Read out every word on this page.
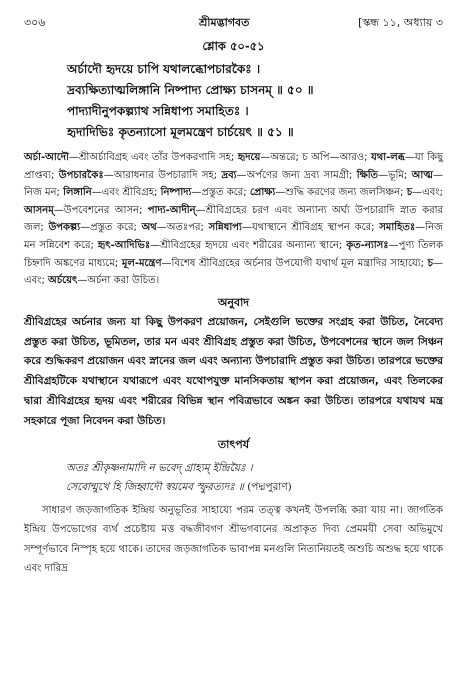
৩০৬	শ্রীমদ্ভাগবত	[স্কন্ধ ১১, অধ্যায় ৩
শ্লোক ৫০-৫১
অর্চাদৌ হৃদয়ে চাপি যথালব্ধোপচারকৈঃ ।
দ্রব্যক্ষিত্যাত্মলিঙ্গানি নিষ্পাদ্য প্রোক্ষ্য চাসনম্ ॥ ৫০ ॥
পাদ্যাদীনুপকল্প্যাথ সন্নিধাপ্য সমাহিতঃ ।
হৃদাদিভিঃ কৃতন্যাসো মূলমন্ত্রেণ চার্চয়েৎ ॥ ৫১ ॥
অর্চা-আদৌ—শ্রীঅর্চাবিগ্রহ এবং তাঁর উপকরণাদি সহ; হৃদয়ে—অন্তরে; চ অপি—আরও; যথা-লব্ধ—যা কিছু প্রাপ্তব্য; উপচারকৈঃ—আরাধনার উপচারাদি সহ; দ্রব্য—অর্পণের জন্য দ্রব্য সামগ্রী; ক্ষিতি—ভূমি; আত্ম—নিজ মন; লিঙ্গানি—এবং শ্রীবিগ্রহ; নিষ্পাদ্য—প্রস্তুত করে; প্রোক্ষ্য—শুদ্ধি করণের জন্য জলসিঞ্চন; চ—এবং; আসনম্—উপবেশনের আসন; পাদ্য-আদীন্—শ্রীবিগ্রহের চরণ এবং অন্যান্য অর্ঘ্য উপচারাদি স্নাত করার জল; উপকল্প্য—প্রস্তুত করে; অথ—অতঃপর; সন্নিধাপ্য—যথাস্থানে শ্রীবিগ্রহ স্থাপন করে; সমাহিতঃ—নিজ মন সন্নিবেশ করে; হৃৎ-আদিভিঃ—শ্রীবিগ্রহের হৃদয়ে এবং শরীরের অন্যান্য স্থানে; কৃত-ন্যাসঃ—পুণ্য তিলক চিহ্নাদি অঙ্কণের মাধ্যমে; মূল-মন্ত্রেণ—বিশেষ শ্রীবিগ্রহের অর্চনার উপযোগী যথার্থ মূল মন্ত্রাদির সাহায্যে; চ—এবং; অর্চয়েৎ—অর্চনা করা উচিত।
অনুবাদ
শ্রীবিগ্রহের অর্চনার জন্য যা কিছু উপকরণ প্রয়োজন, সেইগুলি ভক্তের সংগ্রহ করা উচিত, নৈবেদ্য প্রস্তুত করা উচিত, ভূমিতল, তার মন এবং শ্রীবিগ্রহ প্রস্তুত করা উচিত, উপবেশনের স্থানে জল সিঞ্চন করে শুদ্ধিকরণ প্রয়োজন এবং স্নানের জল এবং অন্যান্য উপচারাদি প্রস্তুত করা উচিত। তারপরে ভক্তের শ্রীবিগ্রহটিকে যথাস্থানে যথারূপে এবং যথোপযুক্ত মানসিকতায় স্থাপন করা প্রয়োজন, এবং তিলকের দ্বারা শ্রীবিগ্রহের হৃদয় এবং শরীরের বিভিন্ন স্থান পবিত্রভাবে অঙ্কন করা উচিত। তারপরে যথাযথ মন্ত্র সহকারে পূজা নিবেদন করা উচিত।
তাৎপর্য
অতঃ শ্রীকৃষ্ণনামাদি ন ভবেদ্ গ্রাহ্যম্ ইন্দ্রিয়ৈঃ ।
সেবোন্মুখে হি জিহ্বাদৌ স্বয়মেব স্ফুরত্যদঃ ॥ (পদ্মপুরাণ)
সাধারণ জড়জাগতিক ইন্দ্রিয় অনুভূতির সাহায্যে পরম তত্ত্ব কখনই উপলব্ধি করা যায় না। জাগতিক ইন্দ্রিয় উপভোগের ব্যর্থ প্রচেষ্টায় মত্ত বদ্ধজীবগণ শ্রীভগবানের অপ্রাকৃত দিব্য প্রেমময়ী সেবা অভিমুখে সম্পূর্ণভাবে নিস্পৃহ হয়ে থাকে। তাদের জড়জাগতিক ভাবাপন্ন মনগুলি নিত্যনিয়তই অশুচি অশুদ্ধ হয়ে থাকে এবং দারিদ্র
